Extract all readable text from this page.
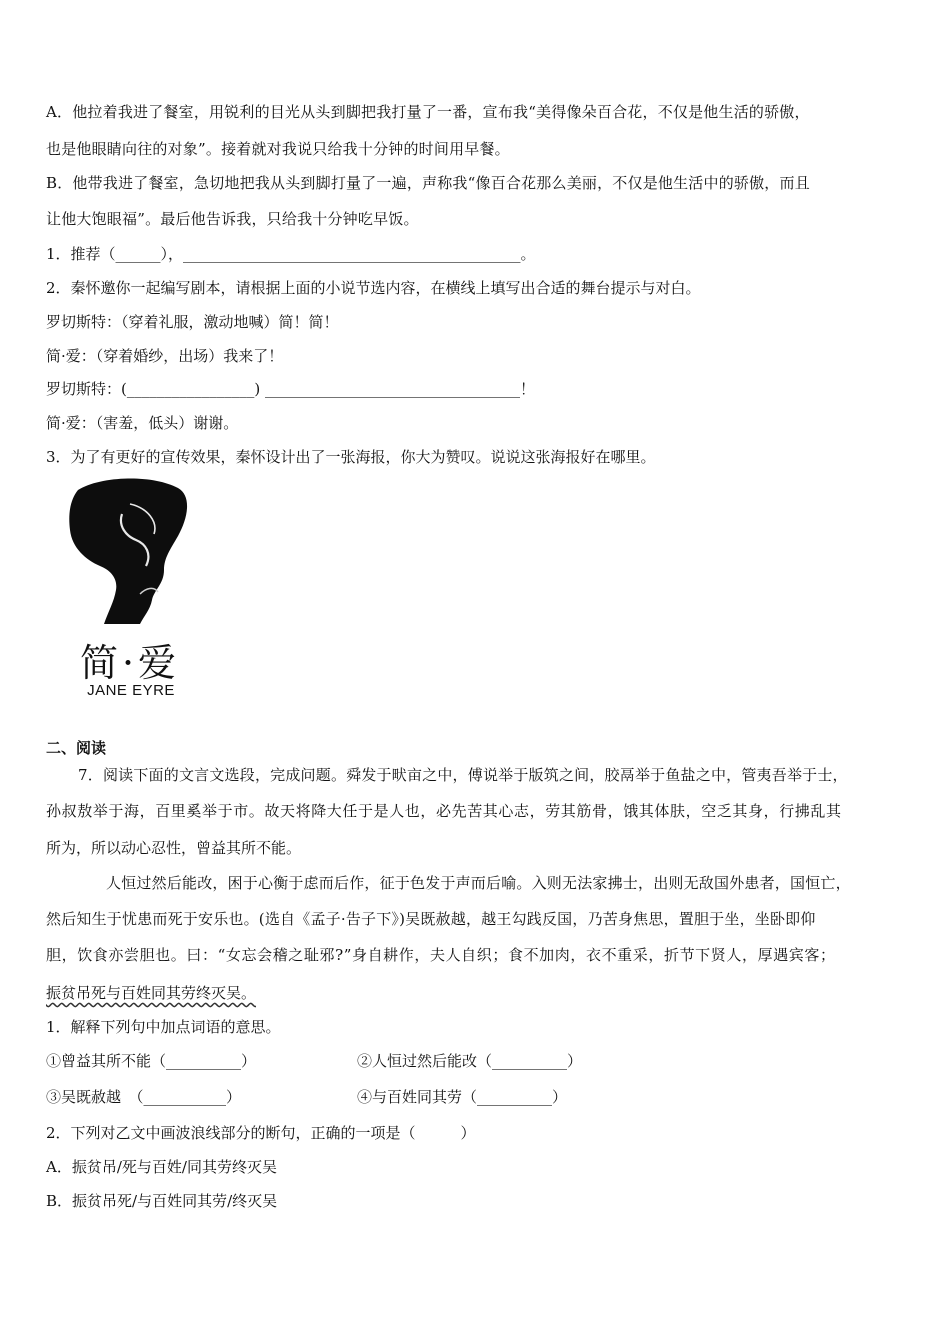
A．他拉着我进了餐室，用锐利的目光从头到脚把我打量了一番，宣布我“美得像朵百合花，不仅是他生活的骄傲，
也是他眼睛向往的对象”。接着就对我说只给我十分钟的时间用早餐。
B．他带我进了餐室，急切地把我从头到脚打量了一遍，声称我“像百合花那么美丽，不仅是他生活中的骄傲，而且
让他大饱眼福”。最后他告诉我，只给我十分钟吃早饭。
1．推荐（______），_____________________________________________。
2．秦怀邀你一起编写剧本，请根据上面的小说节选内容，在横线上填写出合适的舞台提示与对白。
罗切斯特：（穿着礼服，激动地喊）简！简！
简·爱：（穿着婚纱，出场）我来了！
罗切斯特：(_________________) __________________________________！
简·爱：（害羞，低头）谢谢。
3．为了有更好的宣传效果，秦怀设计出了一张海报，你大为赞叹。说说这张海报好在哪里。
简·爱
JANE EYRE
二、阅读
7．阅读下面的文言文选段，完成问题。舜发于畎亩之中，傅说举于版筑之间，胶鬲举于鱼盐之中，管夷吾举于士，
孙叔敖举于海，百里奚举于市。故天将降大任于是人也，必先苦其心志，劳其筋骨，饿其体肤，空乏其身，行拂乱其
所为，所以动心忍性，曾益其所不能。
人恒过然后能改，困于心衡于虑而后作，征于色发于声而后喻。入则无法家拂士，出则无敌国外患者，国恒亡，
然后知生于忧患而死于安乐也。(选自《孟子·告子下》)吴既赦越，越王勾践反国，乃苦身焦思，置胆于坐，坐卧即仰
胆，饮食亦尝胆也。曰：“女忘会稽之耻邪?”身自耕作，夫人自织；食不加肉，衣不重采，折节下贤人，厚遇宾客；
振贫吊死与百姓同其劳终灭吴。
1．解释下列句中加点词语的意思。
①曾益其所不能（__________）	②人恒过然后能改（__________）
③吴既赦越　（___________）	④与百姓同其劳（__________）
2．下列对乙文中画波浪线部分的断句，正确的一项是（　　　）
A．振贫吊/死与百姓/同其劳终灭吴
B．振贫吊死/与百姓同其劳/终灭吴
